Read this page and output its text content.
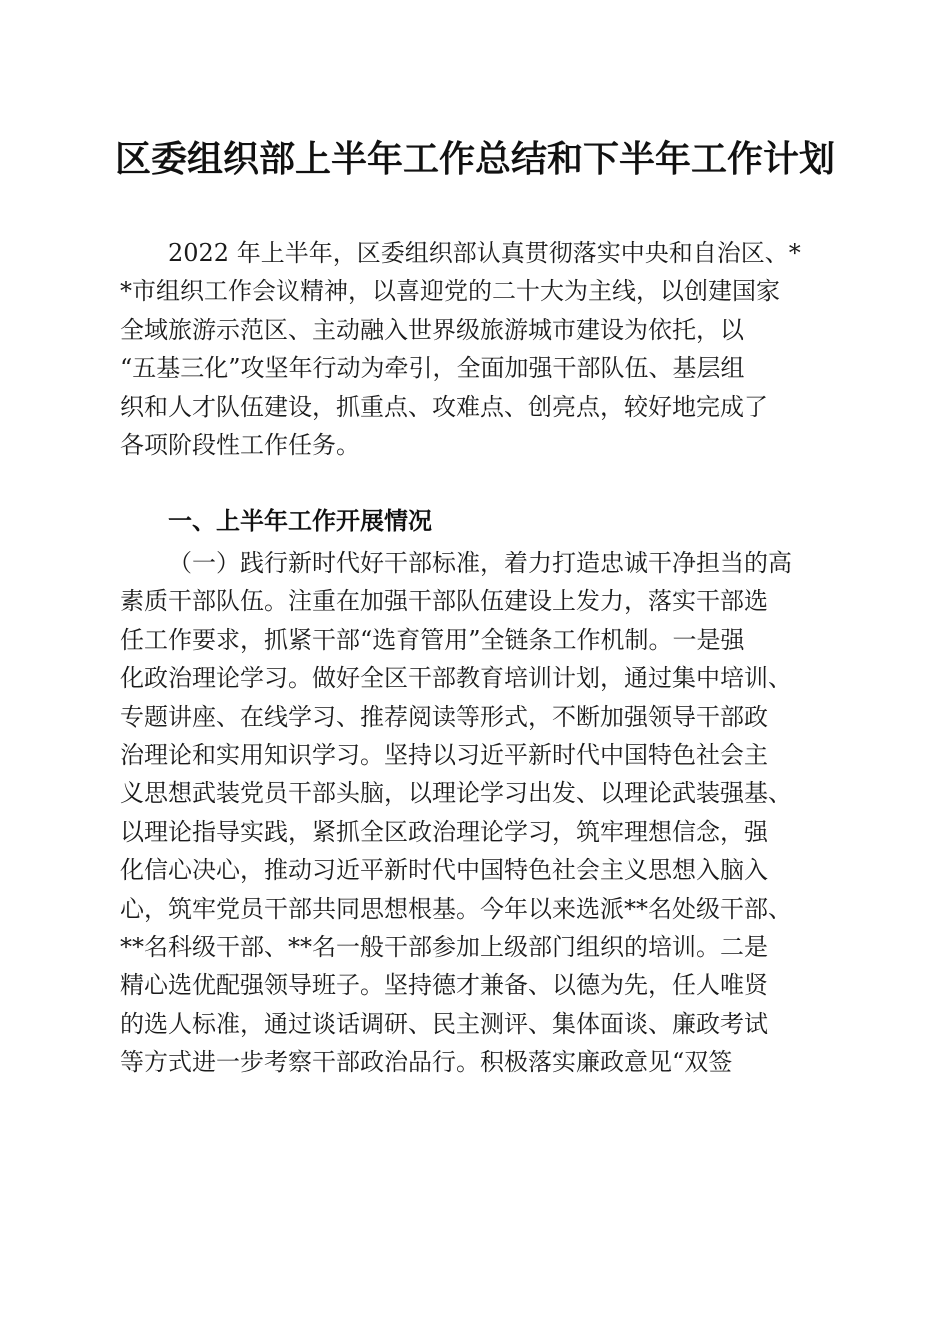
区委组织部上半年工作总结和下半年工作计划
　　2022 年上半年，区委组织部认真贯彻落实中央和自治区、*
*市组织工作会议精神，以喜迎党的二十大为主线，以创建国家
全域旅游示范区、主动融入世界级旅游城市建设为依托，以
“五基三化”攻坚年行动为牵引，全面加强干部队伍、基层组
织和人才队伍建设，抓重点、攻难点、创亮点，较好地完成了
各项阶段性工作任务。
一、上半年工作开展情况
（一）践行新时代好干部标准，着力打造忠诚干净担当的高
素质干部队伍。注重在加强干部队伍建设上发力，落实干部选
任工作要求，抓紧干部“选育管用”全链条工作机制。一是强
化政治理论学习。做好全区干部教育培训计划，通过集中培训、
专题讲座、在线学习、推荐阅读等形式，不断加强领导干部政
治理论和实用知识学习。坚持以习近平新时代中国特色社会主
义思想武装党员干部头脑，以理论学习出发、以理论武装强基、
以理论指导实践，紧抓全区政治理论学习，筑牢理想信念，强
化信心决心，推动习近平新时代中国特色社会主义思想入脑入
心，筑牢党员干部共同思想根基。今年以来选派**名处级干部、
**名科级干部、**名一般干部参加上级部门组织的培训。二是
精心选优配强领导班子。坚持德才兼备、以德为先，任人唯贤
的选人标准，通过谈话调研、民主测评、集体面谈、廉政考试
等方式进一步考察干部政治品行。积极落实廉政意见“双签
